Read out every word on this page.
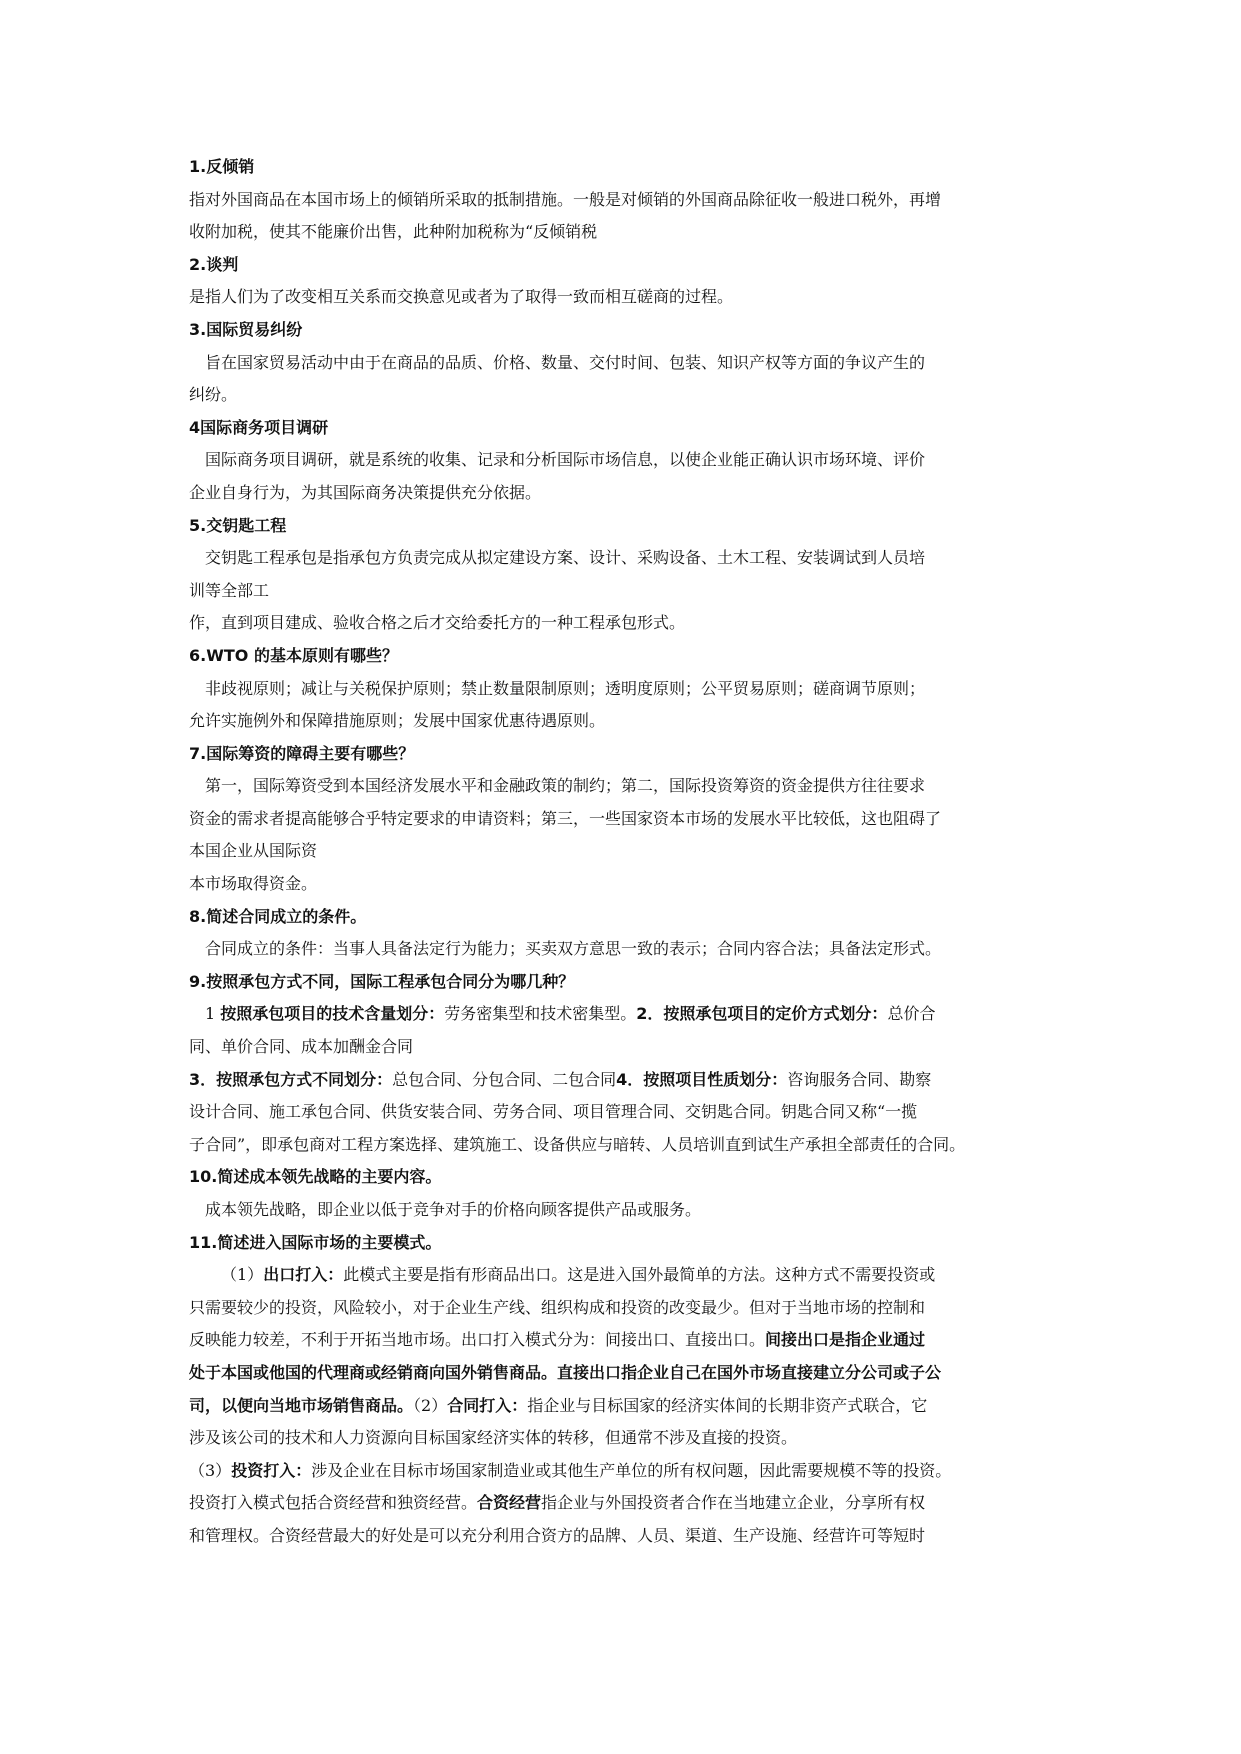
1.反倾销
指对外国商品在本国市场上的倾销所采取的抵制措施。一般是对倾销的外国商品除征收一般进口税外，再增
收附加税，使其不能廉价出售，此种附加税称为“反倾销税
2.谈判
是指人们为了改变相互关系而交换意见或者为了取得一致而相互磋商的过程。
3.国际贸易纠纷
旨在国家贸易活动中由于在商品的品质、价格、数量、交付时间、包装、知识产权等方面的争议产生的
纠纷。
4国际商务项目调研
国际商务项目调研，就是系统的收集、记录和分析国际市场信息，以使企业能正确认识市场环境、评价
企业自身行为，为其国际商务决策提供充分依据。
5.交钥匙工程
交钥匙工程承包是指承包方负责完成从拟定建设方案、设计、采购设备、土木工程、安装调试到人员培
训等全部工
作，直到项目建成、验收合格之后才交给委托方的一种工程承包形式。
6.WTO 的基本原则有哪些？
非歧视原则；减让与关税保护原则；禁止数量限制原则；透明度原则；公平贸易原则；磋商调节原则；
允许实施例外和保障措施原则；发展中国家优惠待遇原则。
7.国际筹资的障碍主要有哪些？
第一，国际筹资受到本国经济发展水平和金融政策的制约；第二，国际投资筹资的资金提供方往往要求
资金的需求者提高能够合乎特定要求的申请资料；第三，一些国家资本市场的发展水平比较低，这也阻碍了
本国企业从国际资
本市场取得资金。
8.简述合同成立的条件。
合同成立的条件：当事人具备法定行为能力；买卖双方意思一致的表示；合同内容合法；具备法定形式。
9.按照承包方式不同，国际工程承包合同分为哪几种？
1 按照承包项目的技术含量划分：劳务密集型和技术密集型。2．按照承包项目的定价方式划分：总价合
同、单价合同、成本加酬金合同
3．按照承包方式不同划分：总包合同、分包合同、二包合同4．按照项目性质划分：咨询服务合同、勘察
设计合同、施工承包合同、供货安装合同、劳务合同、项目管理合同、交钥匙合同。钥匙合同又称“一揽
子合同”，即承包商对工程方案选择、建筑施工、设备供应与暗转、人员培训直到试生产承担全部责任的合同。
10.简述成本领先战略的主要内容。
成本领先战略，即企业以低于竞争对手的价格向顾客提供产品或服务。
11.简述进入国际市场的主要模式。
（1）出口打入：此模式主要是指有形商品出口。这是进入国外最简单的方法。这种方式不需要投资或
只需要较少的投资，风险较小，对于企业生产线、组织构成和投资的改变最少。但对于当地市场的控制和
反映能力较差，不利于开拓当地市场。出口打入模式分为：间接出口、直接出口。间接出口是指企业通过
处于本国或他国的代理商或经销商向国外销售商品。直接出口指企业自己在国外市场直接建立分公司或子公
司，以便向当地市场销售商品。（2）合同打入：指企业与目标国家的经济实体间的长期非资产式联合，它
涉及该公司的技术和人力资源向目标国家经济实体的转移，但通常不涉及直接的投资。
（3）投资打入：涉及企业在目标市场国家制造业或其他生产单位的所有权问题，因此需要规模不等的投资。
投资打入模式包括合资经营和独资经营。合资经营指企业与外国投资者合作在当地建立企业，分享所有权
和管理权。合资经营最大的好处是可以充分利用合资方的品牌、人员、渠道、生产设施、经营许可等短时
